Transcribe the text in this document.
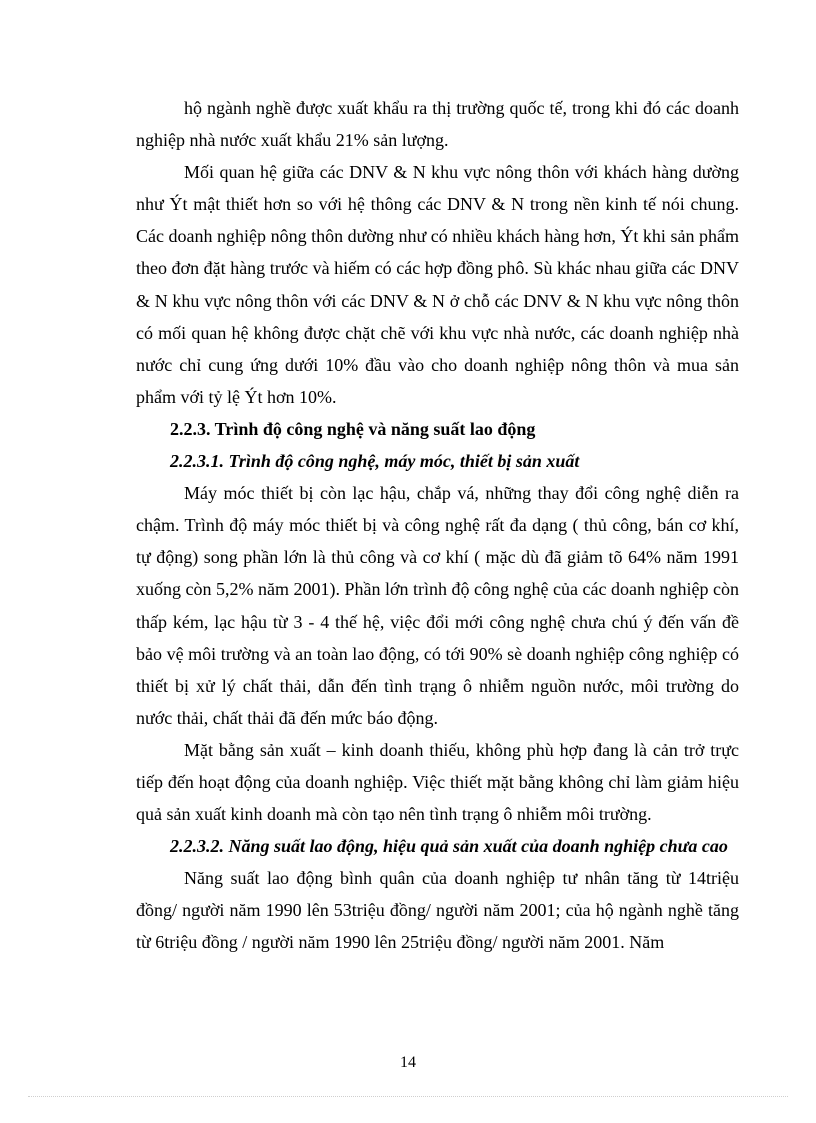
hộ ngành nghề được xuất khẩu ra thị trường quốc tế, trong khi đó các doanh nghiệp nhà nước xuất khẩu 21% sản lượng.

Mối quan hệ giữa các DNV & N khu vực nông thôn với khách hàng dường như Ýt mật thiết hơn so với hệ thông các DNV & N trong nền kinh tế nói chung. Các doanh nghiệp nông thôn dường như có nhiều khách hàng hơn, Ýt khi sản phẩm theo đơn đặt hàng trước và hiếm có các hợp đồng phô. Sù khác nhau giữa các DNV & N khu vực nông thôn với các DNV & N ở chỗ các DNV & N khu vực nông thôn có mối quan hệ không được chặt chẽ với khu vực nhà nước, các doanh nghiệp nhà nước chỉ cung ứng dưới 10% đầu vào cho doanh nghiệp nông thôn và mua sản phẩm với tỷ lệ Ýt hơn 10%.

2.2.3. Trình độ công nghệ và năng suất lao động
2.2.3.1. Trình độ công nghệ, máy móc, thiết bị sản xuất

Máy móc thiết bị còn lạc hậu, chắp vá, những thay đổi công nghệ diễn ra chậm. Trình độ máy móc thiết bị và công nghệ rất đa dạng ( thủ công, bán cơ khí, tự động) song phần lớn là thủ công và cơ khí ( mặc dù đã giảm tõ 64% năm 1991 xuống còn 5,2% năm 2001). Phần lớn trình độ công nghệ của các doanh nghiệp còn thấp kém, lạc hậu từ 3 - 4 thế hệ, việc đổi mới công nghệ chưa chú ý đến vấn đề bảo vệ môi trường và an toàn lao động, có tới 90% sè doanh nghiệp công nghiệp có thiết bị xử lý chất thải, dẫn đến tình trạng ô nhiễm nguồn nước, môi trường do nước thải, chất thải đã đến mức báo động.

Mặt bằng sản xuất – kinh doanh thiếu, không phù hợp đang là cản trở trực tiếp đến hoạt động của doanh nghiệp. Việc thiết mặt bằng không chỉ làm giảm hiệu quả sản xuất kinh doanh mà còn tạo nên tình trạng ô nhiễm môi trường.

2.2.3.2. Năng suất lao động, hiệu quả sản xuất của doanh nghiệp chưa cao

Năng suất lao động bình quân của doanh nghiệp tư nhân tăng từ 14triệu đồng/ người năm 1990 lên 53triệu đồng/ người năm 2001; của hộ ngành nghề tăng từ 6triệu đồng / người năm 1990 lên 25triệu đồng/ người năm 2001. Năm

14
